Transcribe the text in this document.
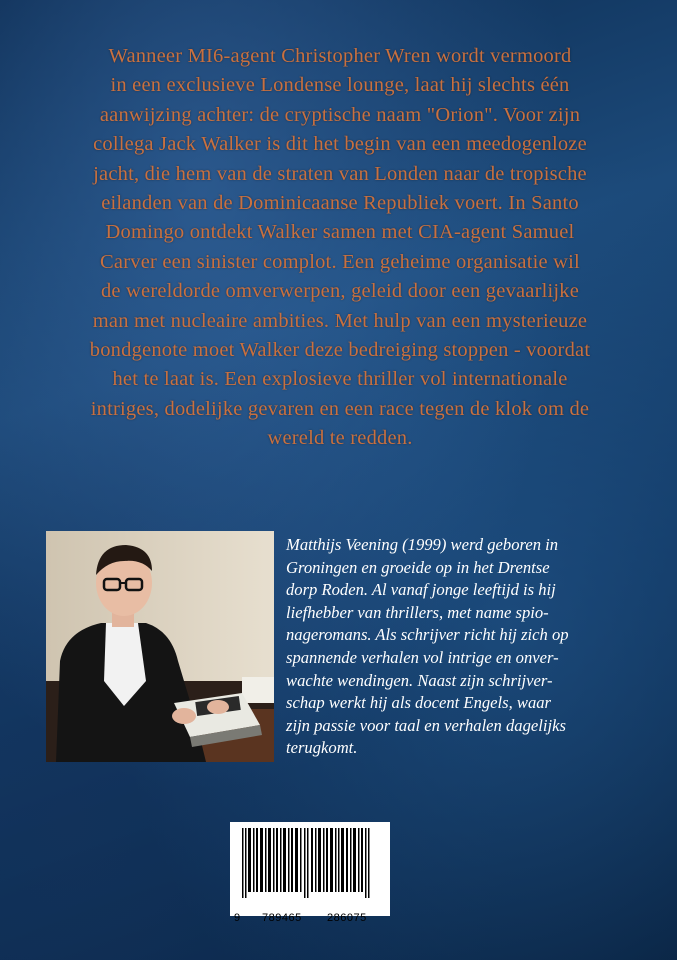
Wanneer MI6-agent Christopher Wren wordt vermoord
in een exclusieve Londense lounge, laat hij slechts één
aanwijzing achter: de cryptische naam "Orion". Voor zijn
collega Jack Walker is dit het begin van een meedogenloze
jacht, die hem van de straten van Londen naar de tropische
eilanden van de Dominicaanse Republiek voert. In Santo
Domingo ontdekt Walker samen met CIA-agent Samuel
Carver een sinister complot. Een geheime organisatie wil
de wereldorde omverwerpen, geleid door een gevaarlijke
man met nucleaire ambities. Met hulp van een mysterieuze
bondgenote moet Walker deze bedreiging stoppen - voordat
het te laat is. Een explosieve thriller vol internationale
intriges, dodelijke gevaren en een race tegen de klok om de
wereld te redden.
Matthijs Veening (1999) werd geboren in
Groningen en groeide op in het Drentse
dorp Roden. Al vanaf jonge leeftijd is hij
liefhebber van thrillers, met name spio-
nageromans. Als schrijver richt hij zich op
spannende verhalen vol intrige en onver-
wachte wendingen. Naast zijn schrijver-
schap werkt hij als docent Engels, waar
zijn passie voor taal en verhalen dagelijks
terugkomt.
9 789465 286075
boek•scout
